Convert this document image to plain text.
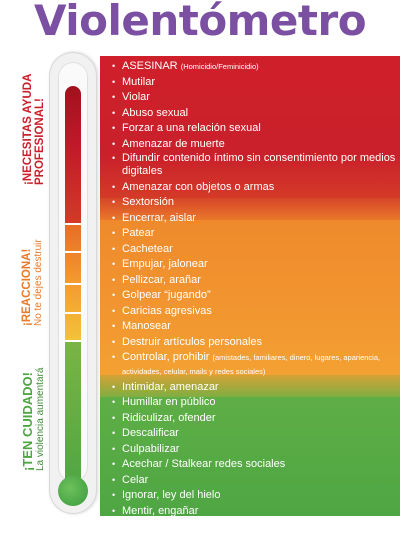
Violentómetro
¡NECESITAS AYUDA PROFESIONAL!
¡REACCIONA! No te dejes destruir
¡TEN CUIDADO! La violencia aumentará
• ASESINAR (Homicidio/Feminicidio)
• Mutilar
• Violar
• Abuso sexual
• Forzar a una relación sexual
• Amenazar de muerte
• Difundir contenido íntimo sin consentimiento por medios digitales
• Amenazar con objetos o armas
• Sextorsión
• Encerrar, aislar
• Patear
• Cachetear
• Empujar, jalonear
• Pellizcar, arañar
• Golpear “jugando”
• Caricias agresivas
• Manosear
• Destruir artículos personales
• Controlar, prohibir (amistades, familiares, dinero, lugares, apariencia, actividades, celular, mails y redes sociales)
• Intimidar, amenazar
• Humillar en público
• Ridiculizar, ofender
• Descalificar
• Culpabilizar
• Acechar / Stalkear redes sociales
• Celar
• Ignorar, ley del hielo
• Mentir, engañar
• Chantajear
• Bromas hirientes
